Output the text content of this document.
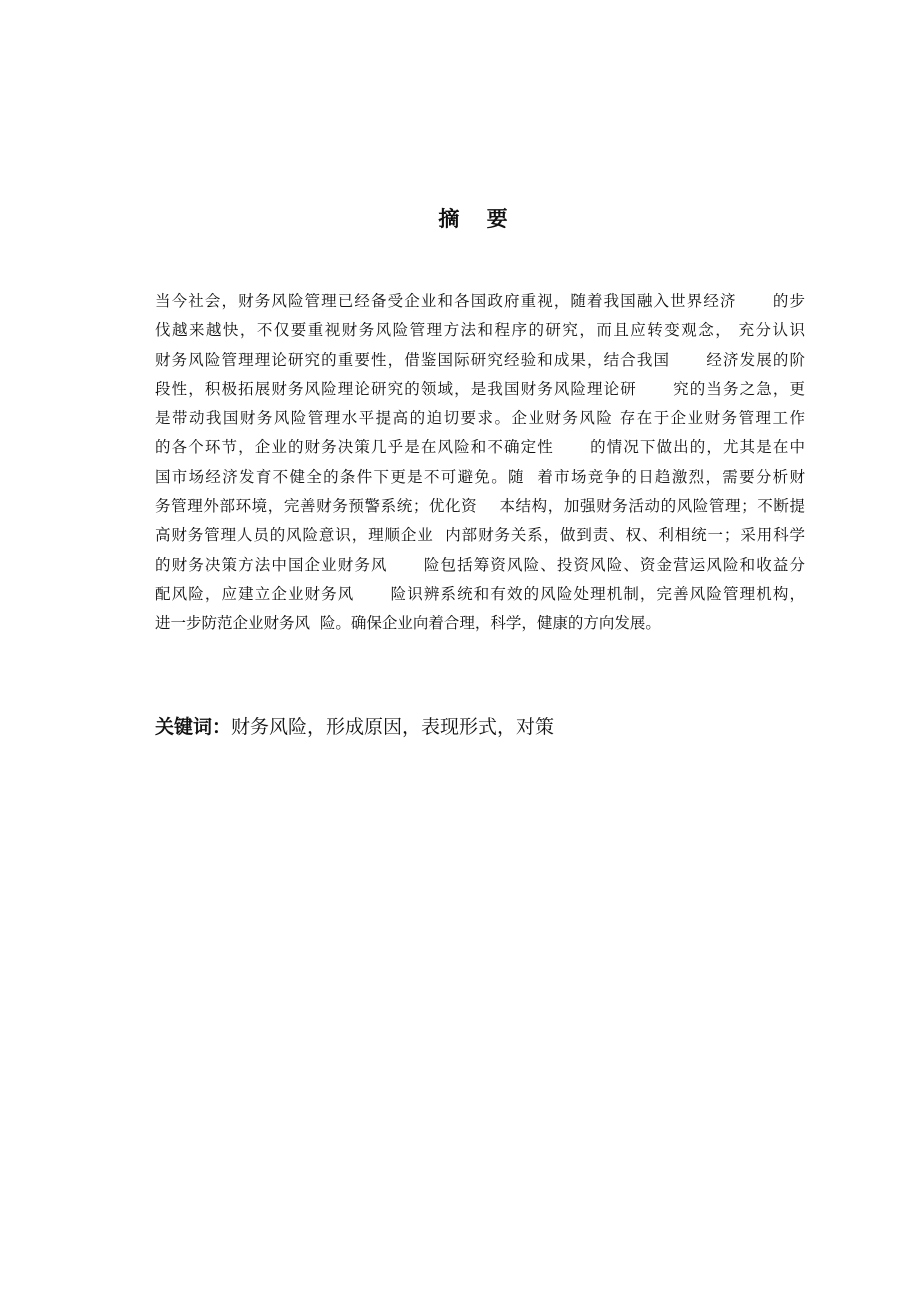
摘 要
当今社会，财务风险管理已经备受企业和各国政府重视，随着我国融入世界经济      的步
伐越来越快，不仅要重视财务风险管理方法和程序的研究，而且应转变观念， 充分认识
财务风险管理理论研究的重要性，借鉴国际研究经验和成果，结合我国      经济发展的阶
段性，积极拓展财务风险理论研究的领域，是我国财务风险理论研      究的当务之急，更
是带动我国财务风险管理水平提高的迫切要求。企业财务风险 存在于企业财务管理工作
的各个环节，企业的财务决策几乎是在风险和不确定性      的情况下做出的，尤其是在中
国市场经济发育不健全的条件下更是不可避免。随  着市场竞争的日趋激烈，需要分析财
务管理外部环境，完善财务预警系统；优化资    本结构，加强财务活动的风险管理；不断提
高财务管理人员的风险意识，理顺企业  内部财务关系，做到责、权、利相统一；采用科学
的财务决策方法中国企业财务风      险包括筹资风险、投资风险、资金营运风险和收益分
配风险，应建立企业财务风      险识辨系统和有效的风险处理机制，完善风险管理机构，
进一步防范企业财务风  险。确保企业向着合理，科学，健康的方向发展。
关键词：财务风险，形成原因，表现形式，对策
